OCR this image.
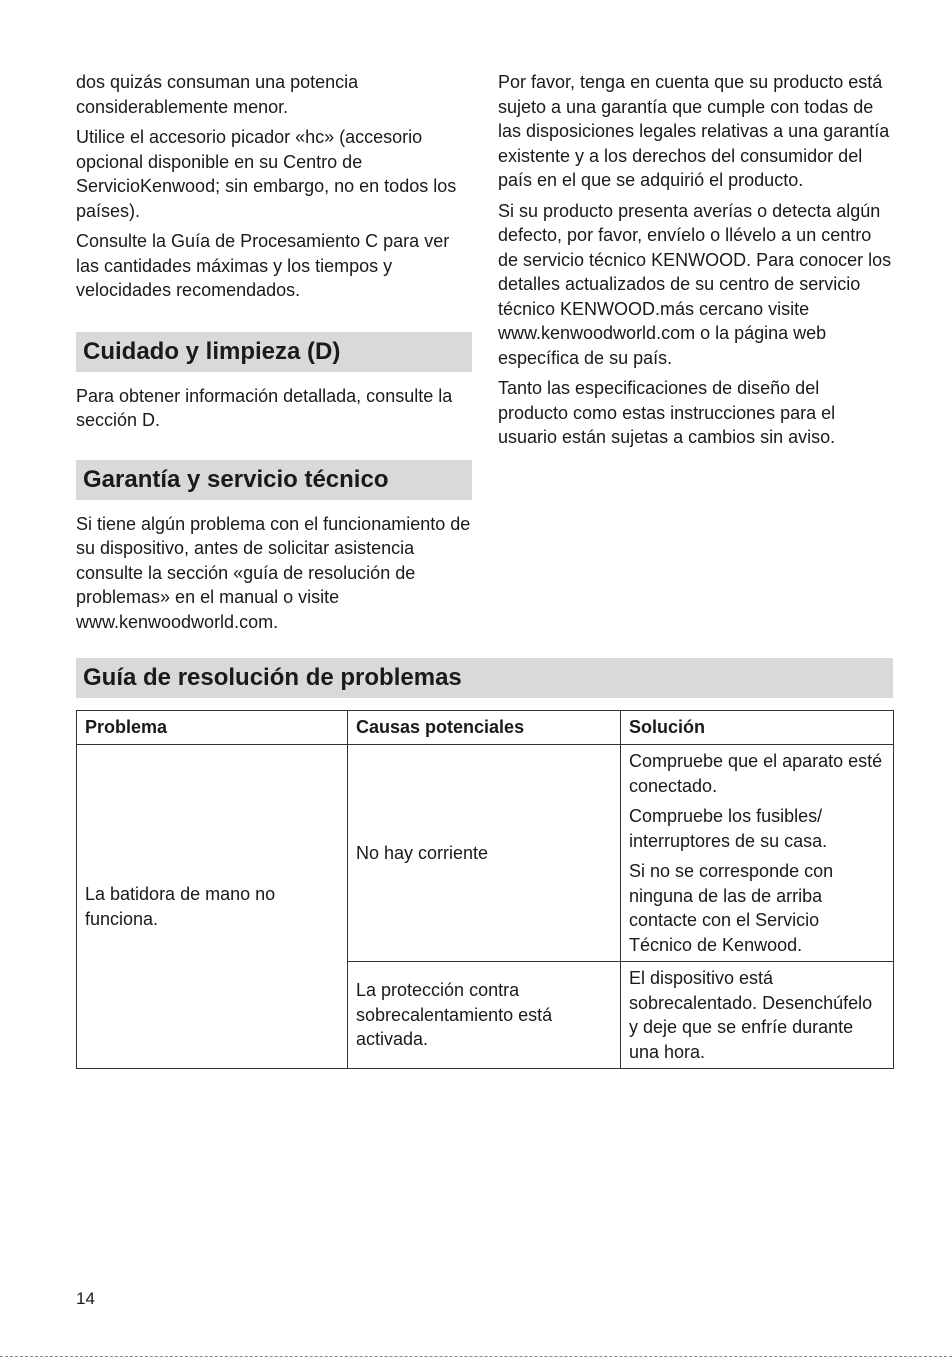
dos quizás consuman una potencia considerablemente menor.

Utilice el accesorio picador «hc» (accesorio opcional disponible en su Centro de ServicioKenwood; sin embargo, no en todos los países).

Consulte la Guía de Procesamiento C para ver las cantidades máximas y los tiempos y velocidades recomendados.

Cuidado y limpieza (D)

Para obtener información detallada, consulte la sección D.

Garantía y servicio técnico

Si tiene algún problema con el funcionamiento de su dispositivo, antes de solicitar asistencia consulte la sección «guía de resolución de problemas» en el manual o visite www.kenwoodworld.com.

Por favor, tenga en cuenta que su producto está sujeto a una garantía que cumple con todas de las disposiciones legales relativas a una garantía existente y a los derechos del consumidor del país en el que se adquirió el producto.

Si su producto presenta averías o detecta algún defecto, por favor, envíelo o llévelo a un centro de servicio técnico KENWOOD. Para conocer los detalles actualizados de su centro de servicio técnico KENWOOD.más cercano visite www.kenwoodworld.com o la página web específica de su país.

Tanto las especificaciones de diseño del producto como estas instrucciones para el usuario están sujetas a cambios sin aviso.

Guía de resolución de problemas
Problema	Causas potenciales	Solución
La batidora de mano no funciona.	No hay corriente	Compruebe que el aparato esté conectado.

Compruebe los fusibles/ interruptores de su casa.

Si no se corresponde con ninguna de las de arriba contacte con el Servicio Técnico de Kenwood.

	La protección contra sobrecalentamiento está activada.	El dispositivo está sobrecalentado. Desenchúfelo y deje que se enfríe durante una hora.
14
